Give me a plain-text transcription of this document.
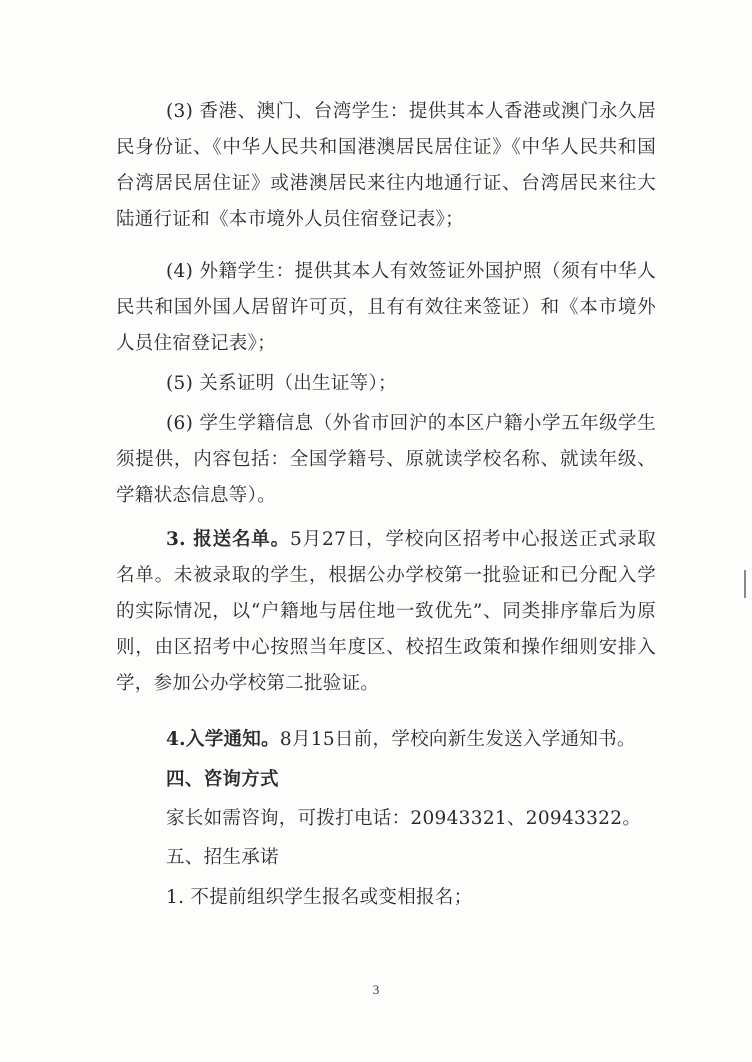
(3) 香港、澳门、台湾学生：提供其本人香港或澳门永久居民身份证、《中华人民共和国港澳居民居住证》《中华人民共和国台湾居民居住证》或港澳居民来往内地通行证、台湾居民来往大陆通行证和《本市境外人员住宿登记表》；

(4) 外籍学生：提供其本人有效签证外国护照（须有中华人民共和国外国人居留许可页，且有有效往来签证）和《本市境外人员住宿登记表》；

(5) 关系证明（出生证等）；

(6) 学生学籍信息（外省市回沪的本区户籍小学五年级学生须提供，内容包括：全国学籍号、原就读学校名称、就读年级、学籍状态信息等）。

3. 报送名单。5月27日，学校向区招考中心报送正式录取名单。未被录取的学生，根据公办学校第一批验证和已分配入学的实际情况，以“户籍地与居住地一致优先”、同类排序靠后为原则，由区招考中心按照当年度区、校招生政策和操作细则安排入学，参加公办学校第二批验证。

4.入学通知。8月15日前，学校向新生发送入学通知书。

四、咨询方式

家长如需咨询，可拨打电话：20943321、20943322。

五、招生承诺

1. 不提前组织学生报名或变相报名；

3
